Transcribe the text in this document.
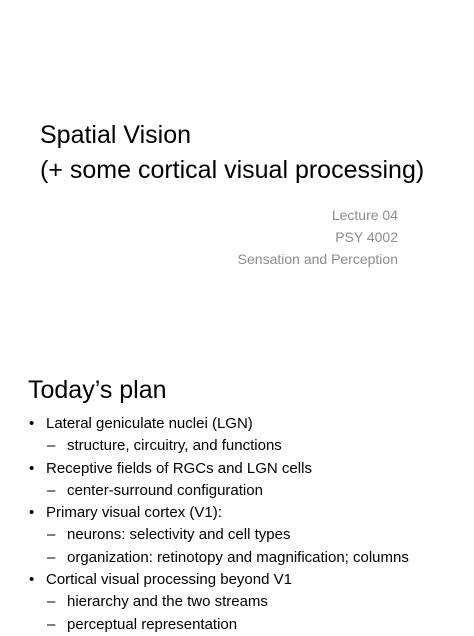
Spatial Vision
(+ some cortical visual processing)
Lecture 04
PSY 4002
Sensation and Perception
Today’s plan
• Lateral geniculate nuclei (LGN)
– structure, circuitry, and functions
• Receptive fields of RGCs and LGN cells
– center-surround configuration
• Primary visual cortex (V1):
– neurons: selectivity and cell types
– organization: retinotopy and magnification; columns
• Cortical visual processing beyond V1
– hierarchy and the two streams
– perceptual representation
